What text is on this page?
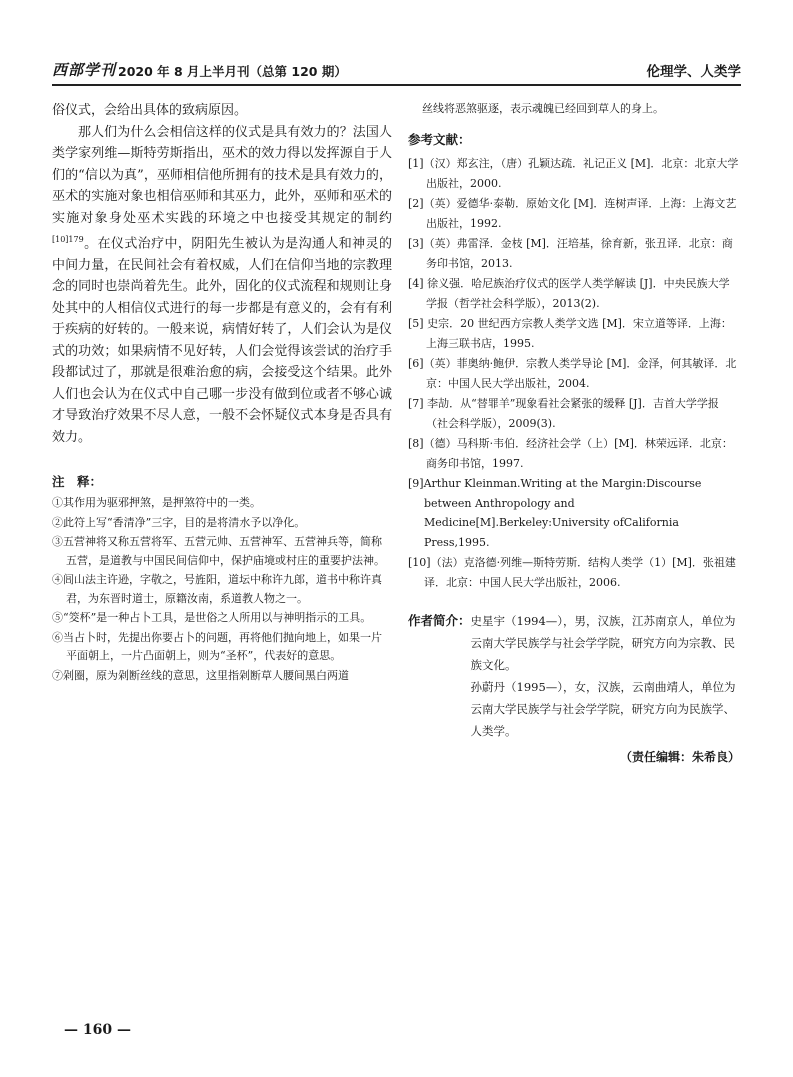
西部学刊 2020 年 8 月上半月刊（总第 120 期）	伦理学、人类学

俗仪式，会给出具体的致病原因。

那人们为什么会相信这样的仪式是具有效力的？法国人类学家列维—斯特劳斯指出，巫术的效力得以发挥源自于人们的“信以为真”，巫师相信他所拥有的技术是具有效力的，巫术的实施对象也相信巫师和其巫力，此外，巫师和巫术的实施对象身处巫术实践的环境之中也接受其规定的制约$^{[10]179}$。在仪式治疗中，阴阳先生被认为是沟通人和神灵的中间力量，在民间社会有着权威，人们在信仰当地的宗教理念的同时也崇尚着先生。此外，固化的仪式流程和规则让身处其中的人相信仪式进行的每一步都是有意义的，会有有利于疾病的好转的。一般来说，病情好转了，人们会认为是仪式的功效；如果病情不见好转，人们会觉得该尝试的治疗手段都试过了，那就是很难治愈的病，会接受这个结果。此外人们也会认为在仪式中自己哪一步没有做到位或者不够心诚才导致治疗效果不尽人意，一般不会怀疑仪式本身是否具有效力。

注　释：
①其作用为驱邪押煞，是押煞符中的一类。
②此符上写“香清净”三字，目的是将清水予以净化。
③五营神将又称五营将军、五营元帅、五营神军、五营神兵等，简称五营，是道教与中国民间信仰中，保护庙境或村庄的重要护法神。
④闾山法主许逊，字敬之，号旌阳，道坛中称许九郎，道书中称许真君，为东晋时道士，原籍汝南，系道教人物之一。
⑤“筊杯”是一种占卜工具，是世俗之人所用以与神明指示的工具。
⑥当占卜时，先提出你要占卜的问题，再将他们抛向地上，如果一片平面朝上，一片凸面朝上，则为“圣杯”，代表好的意思。
⑦剁圈，原为剁断丝线的意思，这里指剁断草人腰间黑白两道
丝线将恶煞驱逐，表示魂魄已经回到草人的身上。
参考文献：
[1]（汉）郑玄注，（唐）孔颖达疏．礼记正义 [M]．北京：北京大学出版社，2000.
[2]（英）爱德华·泰勒．原始文化 [M]．连树声译．上海：上海文艺出版社，1992.
[3]（英）弗雷泽．金枝 [M]．汪培基，徐育新，张丑译．北京：商务印书馆，2013.
[4] 徐义强．哈尼族治疗仪式的医学人类学解读 [J]．中央民族大学学报（哲学社会科学版），2013(2).
[5] 史宗．20 世纪西方宗教人类学文选 [M]．宋立道等译．上海：上海三联书店，1995.
[6]（英）菲奥纳·鲍伊．宗教人类学导论 [M]．金泽，何其敏译．北京：中国人民大学出版社，2004.
[7] 李劼．从“替罪羊”现象看社会紧张的缓释 [J]．吉首大学学报（社会科学版），2009(3).
[8]（德）马科斯·韦伯．经济社会学（上）[M]．林荣远译．北京：商务印书馆，1997.
[9]Arthur Kleinman.Writing at the Margin:Discourse between Anthropology and Medicine[M].Berkeley:University ofCalifornia Press,1995.
[10]（法）克洛德·列维—斯特劳斯．结构人类学（1）[M]．张祖建译．北京：中国人民大学出版社，2006.
作者简介： 史星宇（1994—），男，汉族，江苏南京人，单位为云南大学民族学与社会学学院，研究方向为宗教、民族文化。

孙蔚丹（1995—），女，汉族，云南曲靖人，单位为云南大学民族学与社会学学院，研究方向为民族学、人类学。

（责任编辑：朱希良）
— 160 —
